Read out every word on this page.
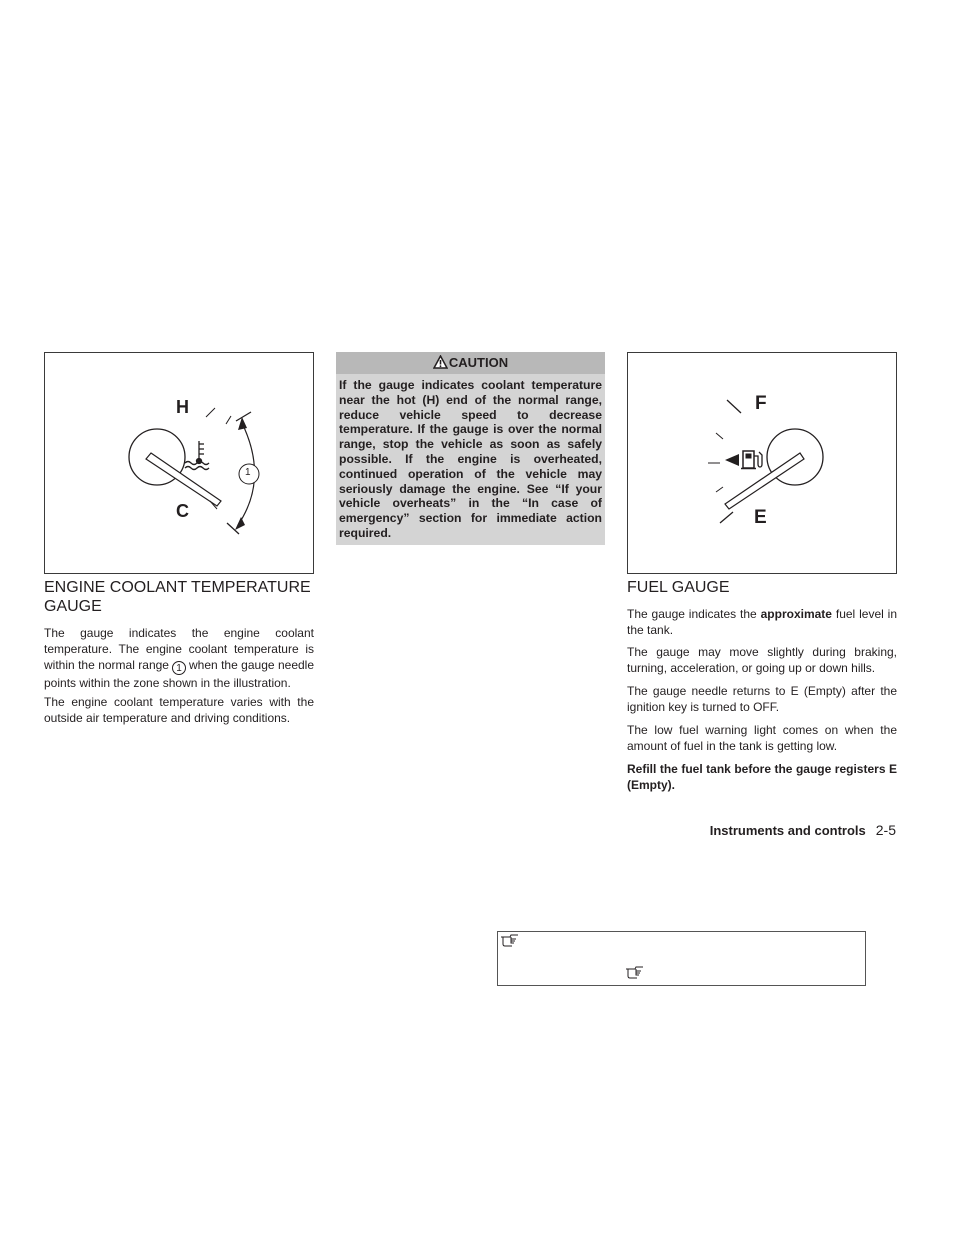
H
C
1
ENGINE COOLANT TEMPERATURE GAUGE

The gauge indicates the engine coolant temperature. The engine coolant temperature is within the normal range 1 when the gauge needle points within the zone shown in the illustration.

The engine coolant temperature varies with the outside air temperature and driving conditions.

CAUTION

If the gauge indicates coolant temperature near the hot (H) end of the normal range, reduce vehicle speed to decrease temperature. If the gauge is over the normal range, stop the vehicle as soon as safely possible. If the engine is overheated, continued operation of the vehicle may seriously damage the engine. See “If your vehicle overheats” in the “In case of emergency” section for immediate action required.

F
E
FUEL GAUGE

The gauge indicates the approximate fuel level in the tank.

The gauge may move slightly during braking, turning, acceleration, or going up or down hills.

The gauge needle returns to E (Empty) after the ignition key is turned to OFF.

The low fuel warning light comes on when the amount of fuel in the tank is getting low.

Refill the fuel tank before the gauge registers E (Empty).

Instruments and controls 2-5
